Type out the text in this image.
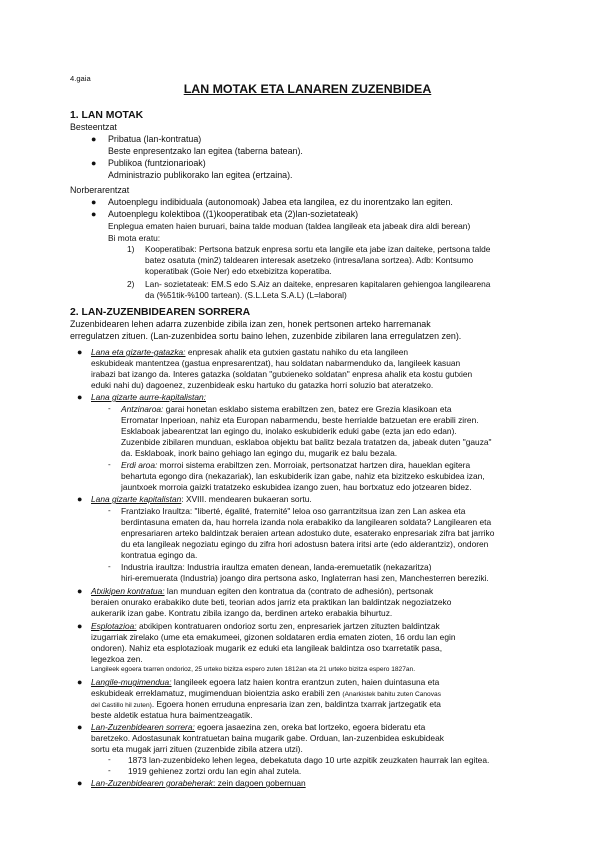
4.gaia
LAN MOTAK ETA LANAREN ZUZENBIDEA
1. LAN MOTAK
Besteentzat
● Pribatua (lan-kontratua)
Beste enpresentzako lan egitea (taberna batean).
● Publikoa (funtzionarioak)
Administrazio publikorako lan egitea (ertzaina).
Norberarentzat
● Autoenplegu indibiduala (autonomoak) Jabea eta langilea, ez du inorentzako lan egiten.
● Autoenplegu kolektiboa ((1)kooperatibak eta (2)lan-sozietateak)
Enplegua ematen haien buruari, baina talde moduan (taldea langileak eta jabeak dira aldi berean)
Bi mota eratu:
1) Kooperatibak: Pertsona batzuk enpresa sortu eta langile eta jabe izan daiteke, pertsona talde
batez osatuta (min2) taldearen interesak asetzeko (intresa/lana sortzea). Adb: Kontsumo
koperatibak (Goie Ner) edo etxebizitza koperatiba.
2) Lan- sozietateak: EM.S edo S.Aiz an daiteke, enpresaren kapitalaren gehiengoa langilearena
da (%51tik-%100 tartean). (S.L.Leta S.A.L) (L=laboral)
2. LAN-ZUZENBIDEAREN SORRERA
Zuzenbidearen lehen adarra zuzenbide zibila izan zen, honek pertsonen arteko harremanak
erregulatzen zituen. (Lan-zuzenbidea sortu baino lehen, zuzenbide zibilaren lana erregulatzen zen).
● Lana eta gizarte-gatazka: enpresak ahalik eta gutxien gastatu nahiko du eta langileen
eskubideak mantentzea (gastua enpresarentzat), hau soldatan nabarmenduko da, langileek kasuan
irabazi bat izango da. Interes gatazka (soldatan "gutxieneko soldatan" enpresa ahalik eta kostu gutxien
eduki nahi du) dagoenez, zuzenbideak esku hartuko du gatazka horri soluzio bat ateratzeko.
● Lana gizarte aurre-kapitalistan:
- Antzinaroa: garai honetan esklabo sistema erabiltzen zen, batez ere Grezia klasikoan eta
Erromatar Inperioan, nahiz eta Europan nabarmendu, beste herrialde batzuetan ere erabili ziren.
Esklaboak jabearentzat lan egingo du, inolako eskubiderik eduki gabe (ezta jan edo edan).
Zuzenbide zibilaren munduan, esklaboa objektu bat balitz bezala tratatzen da, jabeak duten "gauza"
da. Esklaboak, inork baino gehiago lan egingo du, mugarik ez balu bezala.
- Erdi aroa: morroi sistema erabiltzen zen. Morroiak, pertsonatzat hartzen dira, haueklan egitera
behartuta egongo dira (nekazariak), lan eskubiderik izan gabe, nahiz eta bizitzeko eskubidea izan,
jauntxoek morroia gaizki tratatzeko eskubidea izango zuen, hau bortxatuz edo jotzearen bidez.
● Lana gizarte kapitalistan: XVIII. mendearen bukaeran sortu.
- Frantziako Iraultza: "liberté, égalité, fraternité" leloa oso garrantzitsua izan zen Lan askea eta
berdintasuna ematen da, hau horrela izanda nola erabakiko da langilearen soldata? Langilearen eta
enpresariaren arteko baldintzak beraien artean adostuko dute, esaterako enpresariak zifra bat jarriko
du eta langileak negoziatu egingo du zifra hori adostusn batera iritsi arte (edo alderantziz), ondoren
kontratua egingo da.
- Industria iraultza: Industria iraultza ematen denean, landa-eremuetatik (nekazaritza)
hiri-eremuerata (Industria) joango dira pertsona asko, Inglaterran hasi zen, Manchesterren bereziki.
● Atxikipen kontratua: lan munduan egiten den kontratua da (contrato de adhesión), pertsonak
beraien onurako erabakiko dute beti, teorian ados jarriz eta praktikan lan baldintzak negoziatzeko
aukerarik izan gabe. Kontratu zibila izango da, berdinen arteko erabakia bihurtuz.
● Esplotazioa: atxikipen kontratuaren ondorioz sortu zen, enpresariek jartzen zituzten baldintzak
izugarriak zirelako (ume eta emakumeei, gizonen soldataren erdia ematen zioten, 16 ordu lan egin
ondoren). Nahiz eta esplotazioak mugarik ez eduki eta langileak baldintza oso txarretatik pasa,
legezkoa zen.
Langileek egoera txarren ondorioz, 25 urteko bizitza espero zuten 1812an eta 21 urteko bizitza espero 1827an.
● Langile-mugimendua: langileek egoera latz haien kontra erantzun zuten, haien duintasuna eta
eskubideak erreklamatuz, mugimenduan bioientzia asko erabili zen (Anarkistek bahitu zuten Canovas
del Castillo hil zuten). Egoera honen erruduna enpresaria izan zen, baldintza txarrak jartzegatik eta
beste aldetik estatua hura baimentzeagatik.
● Lan-Zuzenbidearen sorrera: egoera jasaezina zen, oreka bat lortzeko, egoera bideratu eta
baretzeko. Adostasunak kontratuetan baina mugarik gabe. Orduan, lan-zuzenbidea eskubideak
sortu eta mugak jarri zituen (zuzenbide zibila atzera utzi).
- 1873 lan-zuzenbideko lehen legea, debekatuta dago 10 urte azpitik zeuzkaten haurrak lan egitea.
- 1919 gehienez zortzi ordu lan egin ahal zutela.
● Lan-Zuzenbidearen gorabeherak: zein dagoen gobernuan
